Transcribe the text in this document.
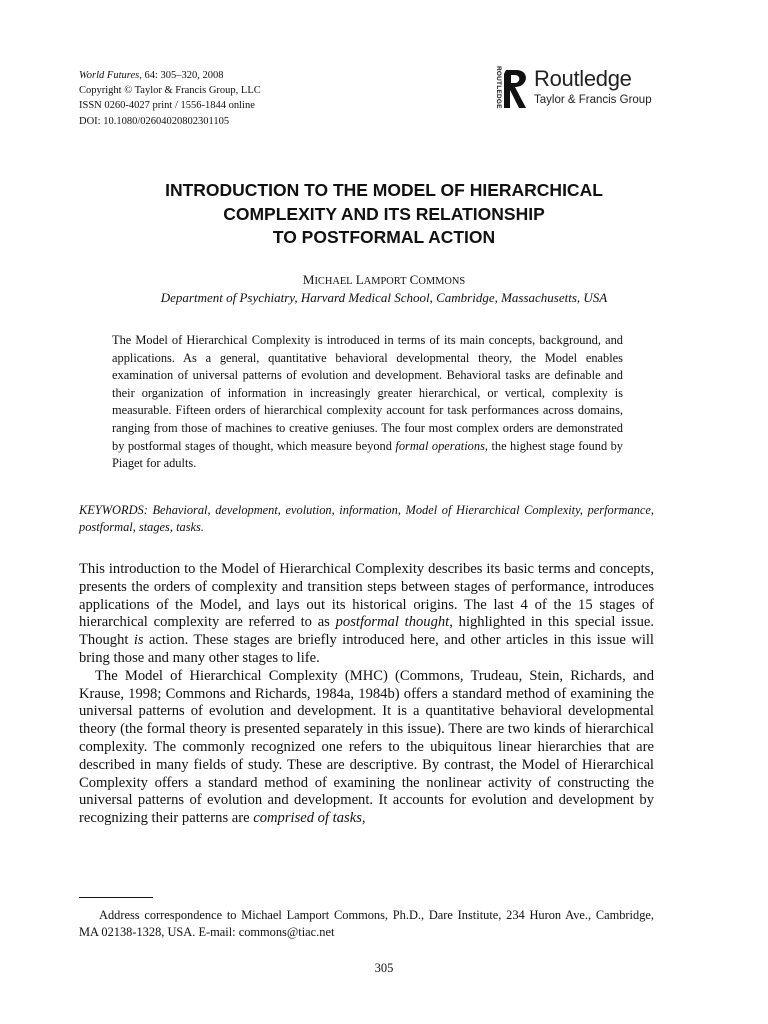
World Futures, 64: 305–320, 2008
Copyright © Taylor & Francis Group, LLC
ISSN 0260-4027 print / 1556-1844 online
DOI: 10.1080/02604020802301105
ROUTLEDGE Routledge
Taylor & Francis Group
INTRODUCTION TO THE MODEL OF HIERARCHICAL
COMPLEXITY AND ITS RELATIONSHIP
TO POSTFORMAL ACTION
MICHAEL LAMPORT COMMONS
Department of Psychiatry, Harvard Medical School, Cambridge, Massachusetts, USA

The Model of Hierarchical Complexity is introduced in terms of its main concepts, background, and applications. As a general, quantitative behavioral developmental theory, the Model enables examination of universal patterns of evolution and development. Behavioral tasks are definable and their organization of information in increasingly greater hierarchical, or vertical, complexity is measurable. Fifteen orders of hierarchical complexity account for task performances across domains, ranging from those of machines to creative geniuses. The four most complex orders are demonstrated by postformal stages of thought, which measure beyond formal operations, the highest stage found by Piaget for adults.

KEYWORDS: Behavioral, development, evolution, information, Model of Hierarchical Complexity, performance, postformal, stages, tasks.

This introduction to the Model of Hierarchical Complexity describes its basic terms and concepts, presents the orders of complexity and transition steps between stages of performance, introduces applications of the Model, and lays out its historical origins. The last 4 of the 15 stages of hierarchical complexity are referred to as postformal thought, highlighted in this special issue. Thought is action. These stages are briefly introduced here, and other articles in this issue will bring those and many other stages to life.

The Model of Hierarchical Complexity (MHC) (Commons, Trudeau, Stein, Richards, and Krause, 1998; Commons and Richards, 1984a, 1984b) offers a standard method of examining the universal patterns of evolution and development. It is a quantitative behavioral developmental theory (the formal theory is presented separately in this issue). There are two kinds of hierarchical complexity. The commonly recognized one refers to the ubiquitous linear hierarchies that are described in many fields of study. These are descriptive. By contrast, the Model of Hierarchical Complexity offers a standard method of examining the nonlinear activity of constructing the universal patterns of evolution and development. It accounts for evolution and development by recognizing their patterns are comprised of tasks,

Address correspondence to Michael Lamport Commons, Ph.D., Dare Institute, 234 Huron Ave., Cambridge, MA 02138-1328, USA. E-mail: commons@tiac.net
305
